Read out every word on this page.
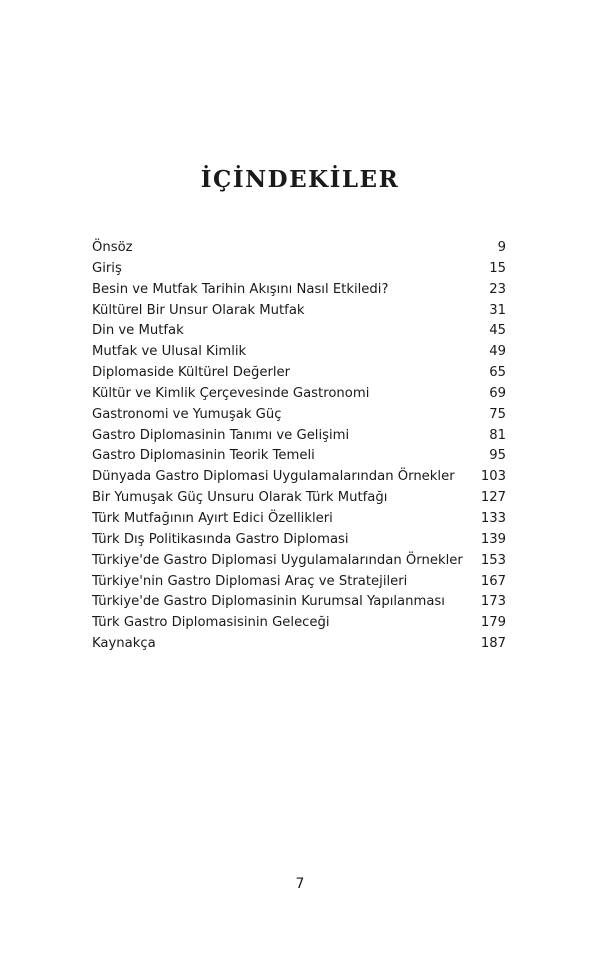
İÇİNDEKİLER
Önsöz	9
Giriş	15
Besin ve Mutfak Tarihin Akışını Nasıl Etkiledi?	23
Kültürel Bir Unsur Olarak Mutfak	31
Din ve Mutfak	45
Mutfak ve Ulusal Kimlik	49
Diplomaside Kültürel Değerler	65
Kültür ve Kimlik Çerçevesinde Gastronomi	69
Gastronomi ve Yumuşak Güç	75
Gastro Diplomasinin Tanımı ve Gelişimi	81
Gastro Diplomasinin Teorik Temeli	95
Dünyada Gastro Diplomasi Uygulamalarından Örnekler	103
Bir Yumuşak Güç Unsuru Olarak Türk Mutfağı	127
Türk Mutfağının Ayırt Edici Özellikleri	133
Türk Dış Politikasında Gastro Diplomasi	139
Türkiye'de Gastro Diplomasi Uygulamalarından Örnekler	153
Türkiye'nin Gastro Diplomasi Araç ve Stratejileri	167
Türkiye'de Gastro Diplomasinin Kurumsal Yapılanması	173
Türk Gastro Diplomasisinin Geleceği	179
Kaynakça	187
7
